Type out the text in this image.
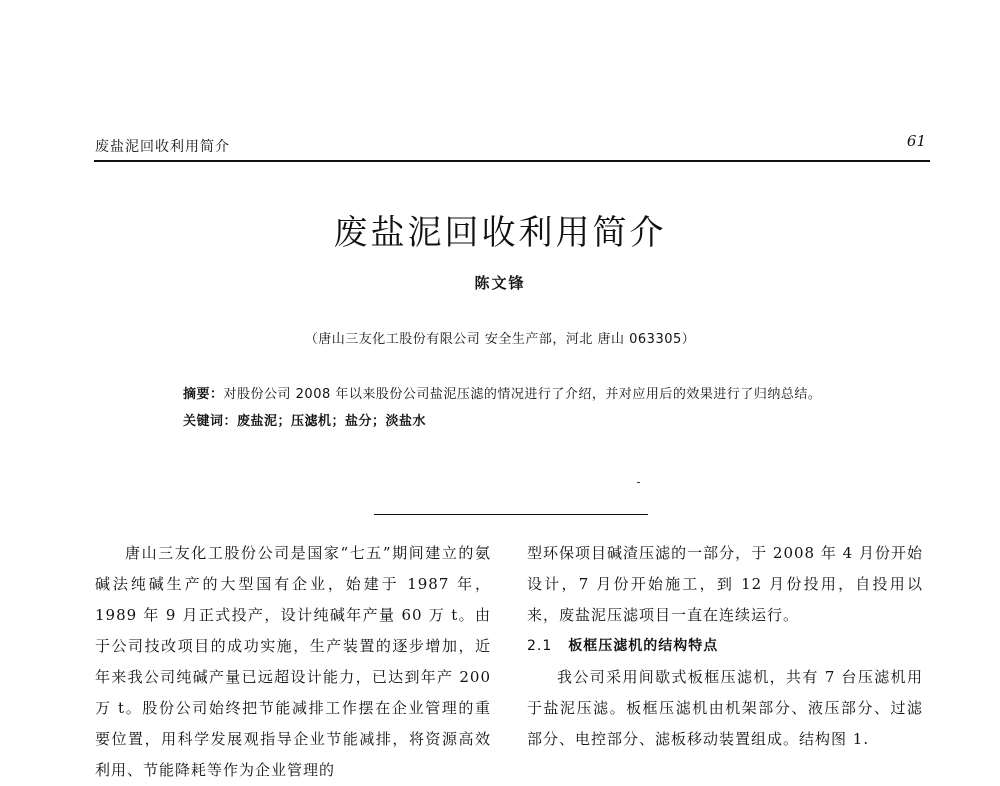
废盐泥回收利用简介	61
废盐泥回收利用简介
陈文锋
（唐山三友化工股份有限公司 安全生产部，河北 唐山 063305）
摘要：对股份公司 2008 年以来股份公司盐泥压滤的情况进行了介绍，并对应用后的效果进行了归纳总结。
关键词：废盐泥；压滤机；盐分；淡盐水
唐山三友化工股份公司是国家“七五”期间建立的氨碱法纯碱生产的大型国有企业，始建于 1987 年，1989 年 9 月正式投产，设计纯碱年产量 60 万 t。由于公司技改项目的成功实施，生产装置的逐步增加，近年来我公司纯碱产量已远超设计能力，已达到年产 200 万 t。股份公司始终把节能减排工作摆在企业管理的重要位置，用科学发展观指导企业节能减排，将资源高效利用、节能降耗等作为企业管理的
型环保项目碱渣压滤的一部分，于 2008 年 4 月份开始设计，7 月份开始施工，到 12 月份投用，自投用以来，废盐泥压滤项目一直在连续运行。
2.1 板框压滤机的结构特点
我公司采用间歇式板框压滤机，共有 7 台压滤机用于盐泥压滤。板框压滤机由机架部分、液压部分、过滤部分、电控部分、滤板移动装置组成。结构图 1.
